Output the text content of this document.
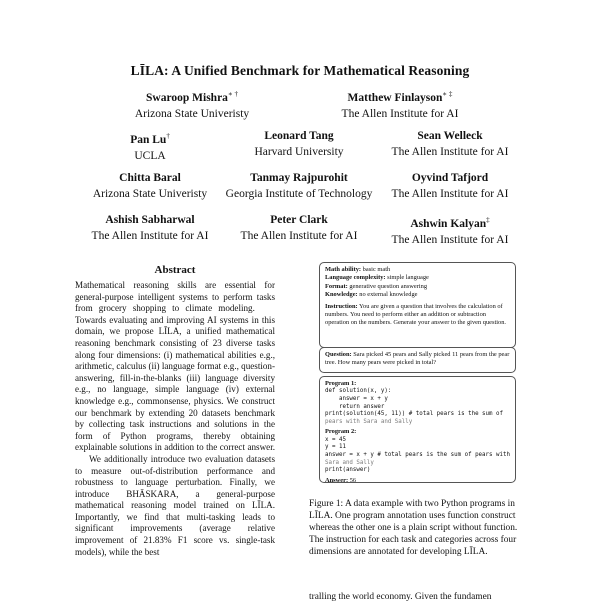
LĪLA: A Unified Benchmark for Mathematical Reasoning
Swaroop Mishra∗ †
Arizona State Univeristy
Matthew Finlayson∗ ‡
The Allen Institute for AI
Pan Lu†
UCLA
Leonard Tang
Harvard University
Sean Welleck
The Allen Institute for AI
Chitta Baral
Arizona State Univeristy
Tanmay Rajpurohit
Georgia Institute of Technology
Oyvind Tafjord
The Allen Institute for AI
Ashish Sabharwal
The Allen Institute for AI
Peter Clark
The Allen Institute for AI
Ashwin Kalyan‡
The Allen Institute for AI
Abstract
Mathematical reasoning skills are essential for general-purpose intelligent systems to perform tasks from grocery shopping to climate modeling. Towards evaluating and improving AI systems in this domain, we propose LĪLA, a unified mathematical reasoning benchmark consisting of 23 diverse tasks along four dimensions: (i) mathematical abilities e.g., arithmetic, calculus (ii) language format e.g., question-answering, fill-in-the-blanks (iii) language diversity e.g., no language, simple language (iv) external knowledge e.g., commonsense, physics. We construct our benchmark by extending 20 datasets benchmark by collecting task instructions and solutions in the form of Python programs, thereby obtaining explainable solutions in addition to the correct answer. We additionally introduce two evaluation datasets to measure out-of-distribution performance and robustness to language perturbation. Finally, we introduce BHĀSKARA, a general-purpose mathematical reasoning model trained on LĪLA. Importantly, we find that multi-tasking leads to significant improvements (average relative improvement of 21.83% F1 score vs. single-task models), while the best
Math ability: basic math
Language complexity: simple language
Format: generative question answering
Knowledge: no external knowledge
Instruction: You are given a question that involves the calculation of numbers. You need to perform either an addition or subtraction operation on the numbers. Generate your answer to the given question.
Question: Sara picked 45 pears and Sally picked 11 pears from the pear tree. How many pears were picked in total?
Program 1:
def solution(x, y):
answer = x + y
return answer
print(solution(45, 11)) # total pears is the sum of
pears with Sara and Sally
Program 2:
x = 45
y = 11
answer = x + y # total pears is the sum of pears with
Sara and Sally
print(answer)
Answer: 56
Figure 1: A data example with two Python programs in LĪLA. One program annotation uses function construct whereas the other one is a plain script without function. The instruction for each task and categories across four dimensions are annotated for developing LĪLA.
tralling the world economy. Given the fundamen
